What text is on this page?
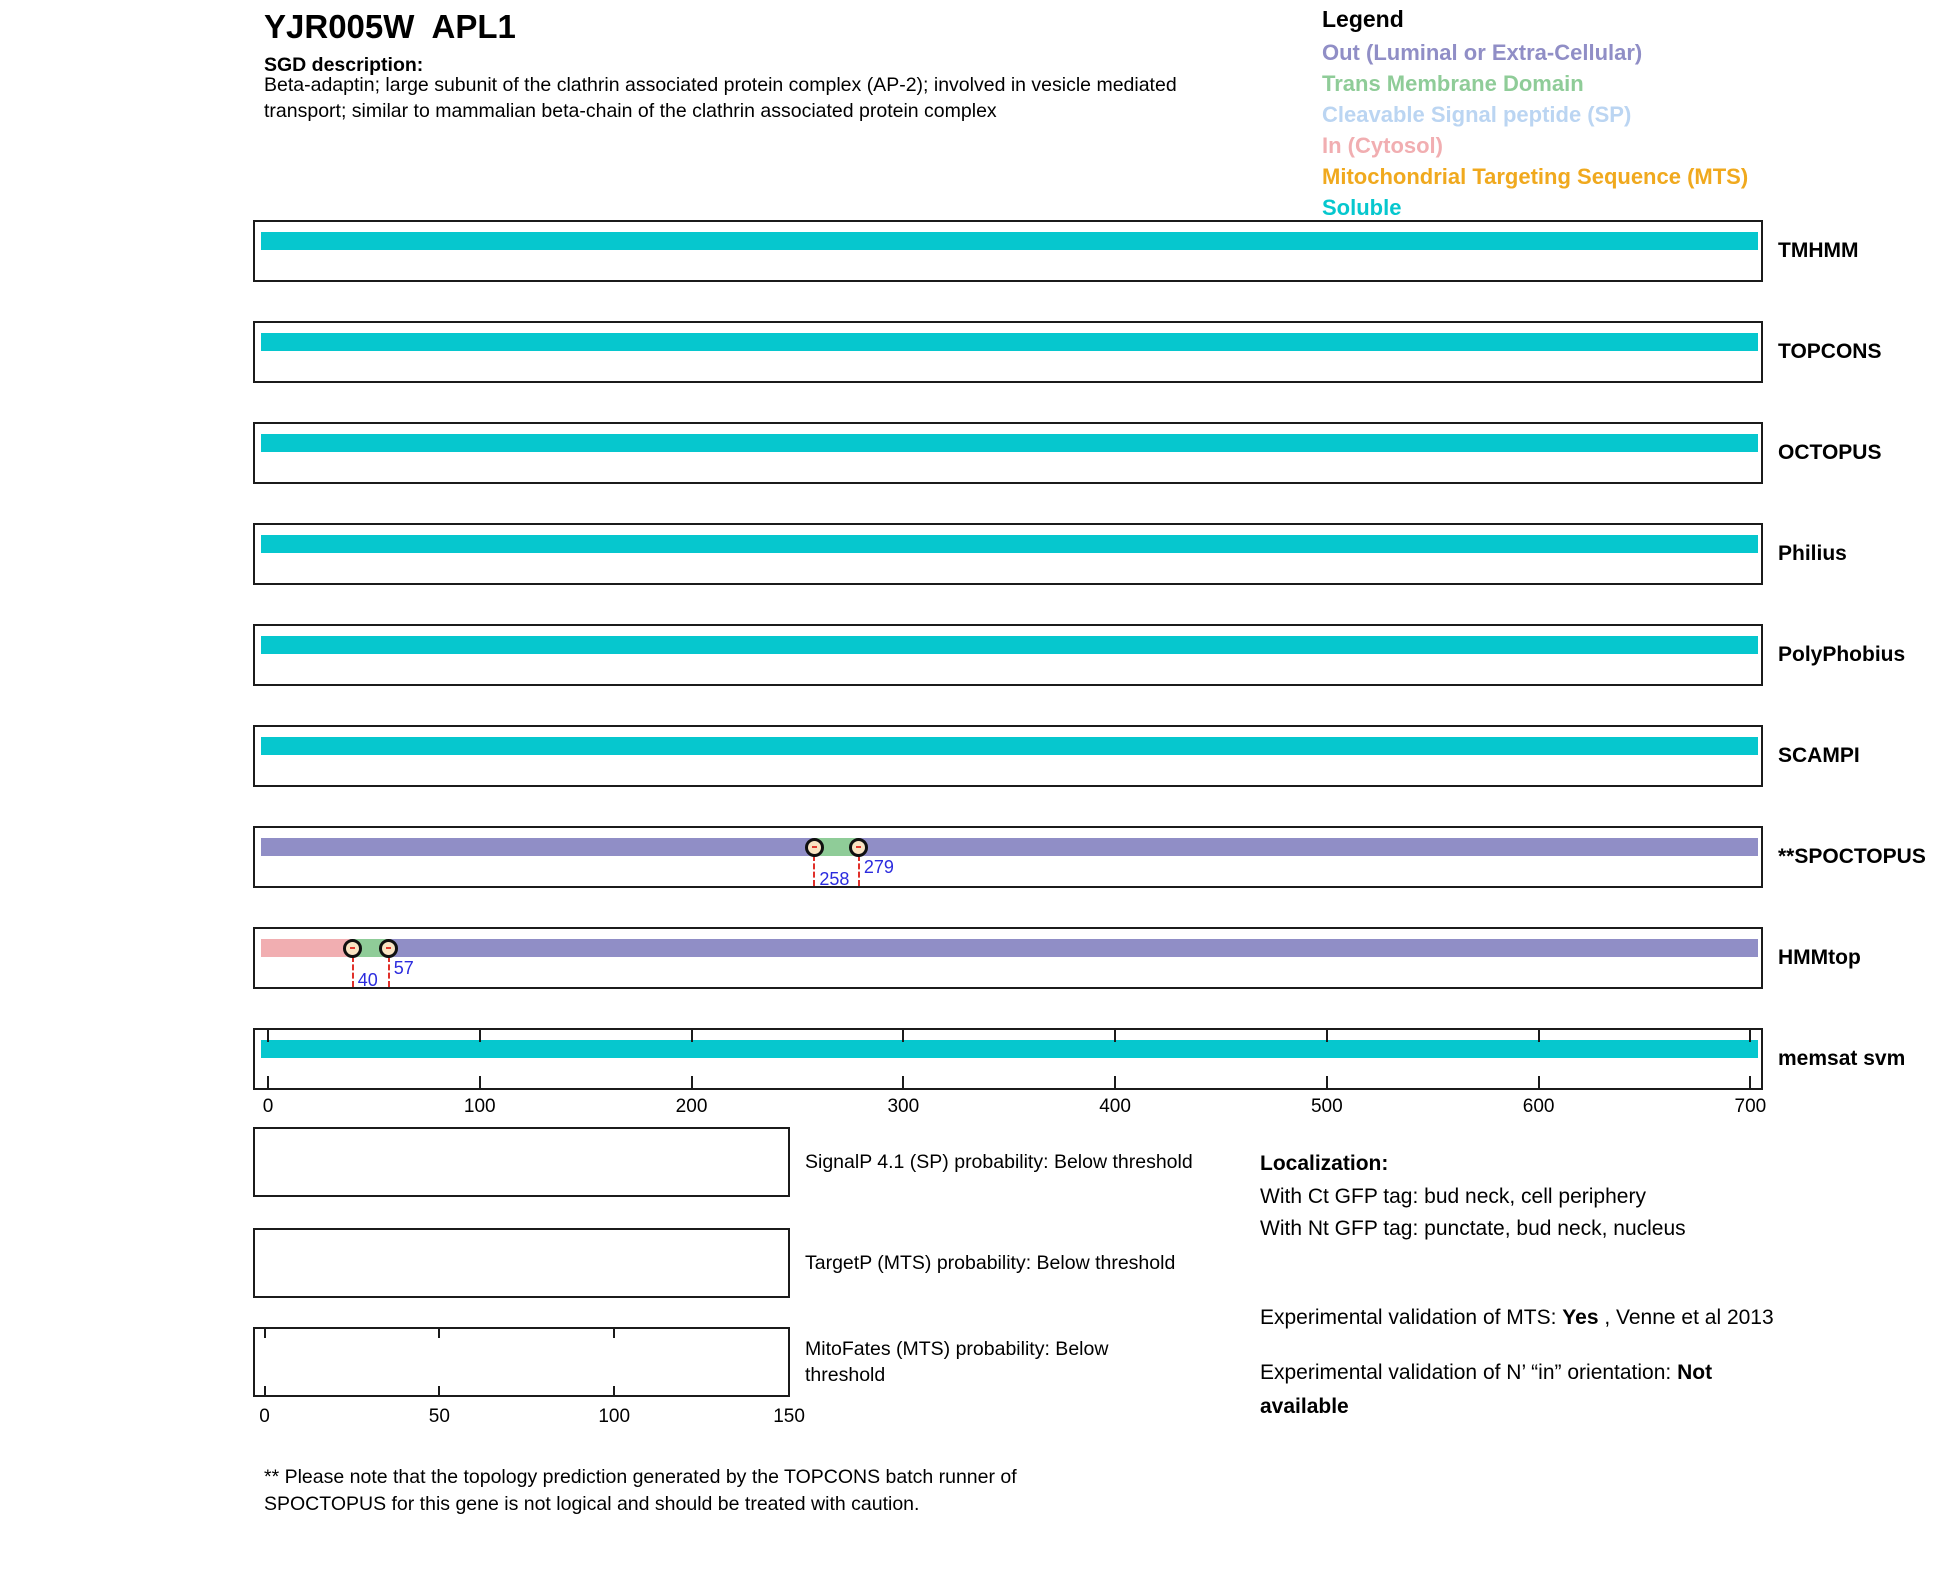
YJR005W  APL1
SGD description:
Beta-adaptin; large subunit of the clathrin associated protein complex (AP-2); involved in vesicle mediated
transport; similar to mammalian beta-chain of the clathrin associated protein complex
Legend
Localization:
With Ct GFP tag: bud neck, cell periphery
With Nt GFP tag: punctate, bud neck, nucleus
Experimental validation of MTS: Yes , Venne et al 2013
Experimental validation of N’ “in” orientation: Not
available
** Please note that the topology prediction generated by the TOPCONS batch runner of
SPOCTOPUS for this gene is not logical and should be treated with caution.
Out (Luminal or Extra-Cellular)
Trans Membrane Domain
Cleavable Signal peptide (SP)
In (Cytosol)
Mitochondrial Targeting Sequence (MTS)
Soluble
TMHMM
TOPCONS
OCTOPUS
Philius
PolyPhobius
SCAMPI
258
279	**SPOCTOPUS
40
57	HMMtop
memsat svm
0	100	200	300	400	500	600	700
SignalP 4.1 (SP) probability: Below threshold
TargetP (MTS) probability: Below threshold
MitoFates (MTS) probability: Below
threshold
0	50	100	150
